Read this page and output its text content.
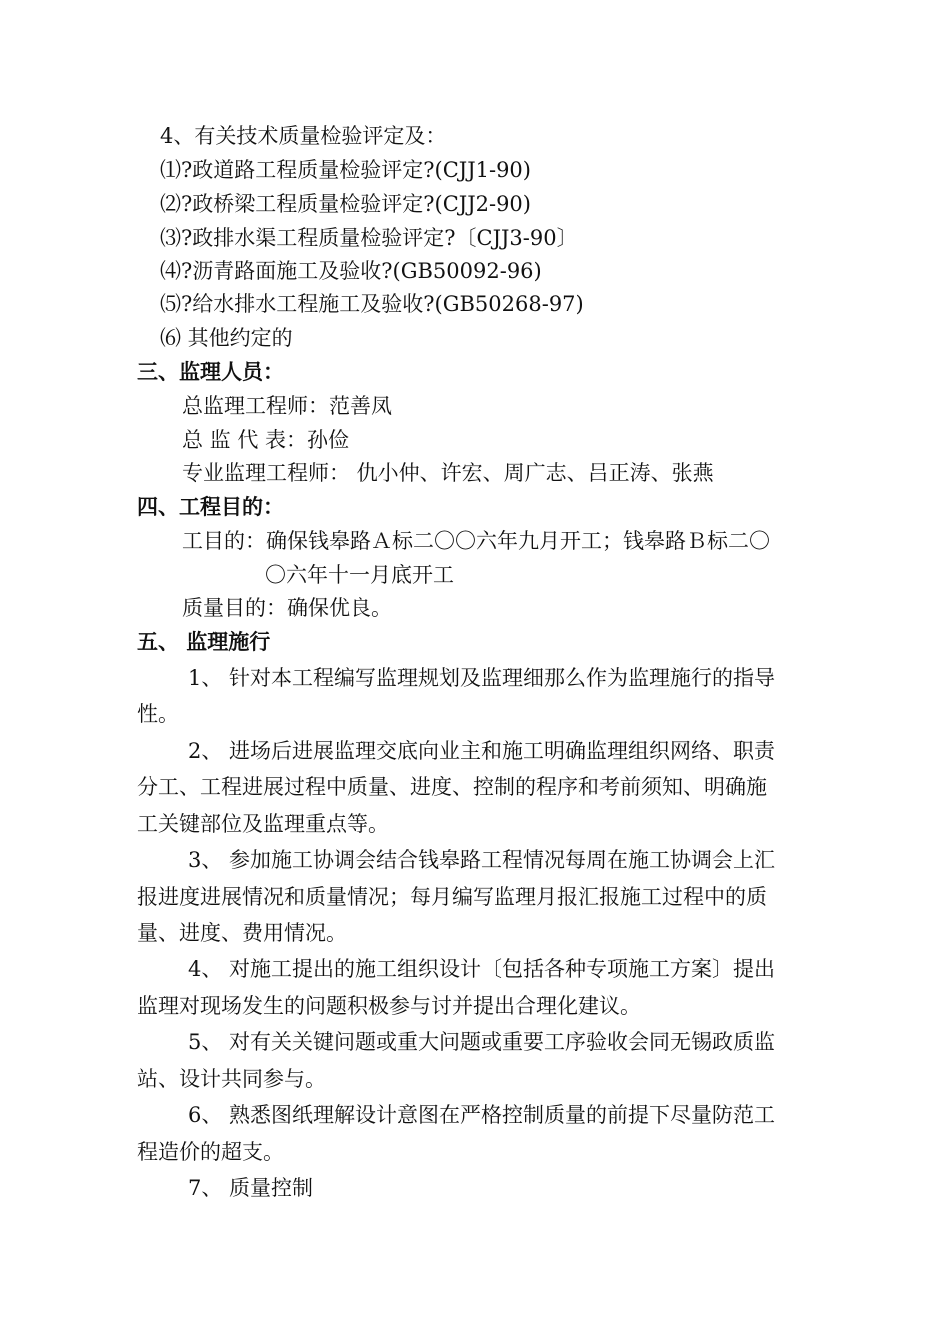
4、有关技术质量检验评定及：
⑴?政道路工程质量检验评定?(CJJ1-90)
⑵?政桥梁工程质量检验评定?(CJJ2-90)
⑶?政排水渠工程质量检验评定?〔CJJ3-90〕
⑷?沥青路面施工及验收?(GB50092-96)
⑸?给水排水工程施工及验收?(GB50268-97)
⑹ 其他约定的
三、监理人员：
总监理工程师：范善凤
总 监 代 表：孙俭
专业监理工程师： 仇小仲、许宏、周广志、吕正涛、张燕
四、工程目的：
工目的：确保钱皋路Ａ标二〇〇六年九月开工；钱皋路Ｂ标二〇
〇六年十一月底开工
质量目的：确保优良。
五、 监理施行
1、 针对本工程编写监理规划及监理细那么作为监理施行的指导
性。
2、 进场后进展监理交底向业主和施工明确监理组织网络、职责
分工、工程进展过程中质量、进度、控制的程序和考前须知、明确施
工关键部位及监理重点等。
3、 参加施工协调会结合钱皋路工程情况每周在施工协调会上汇
报进度进展情况和质量情况；每月编写监理月报汇报施工过程中的质
量、进度、费用情况。
4、 对施工提出的施工组织设计〔包括各种专项施工方案〕提出
监理对现场发生的问题积极参与讨并提出合理化建议。
5、 对有关关键问题或重大问题或重要工序验收会同无锡政质监
站、设计共同参与。
6、 熟悉图纸理解设计意图在严格控制质量的前提下尽量防范工
程造价的超支。
7、 质量控制
